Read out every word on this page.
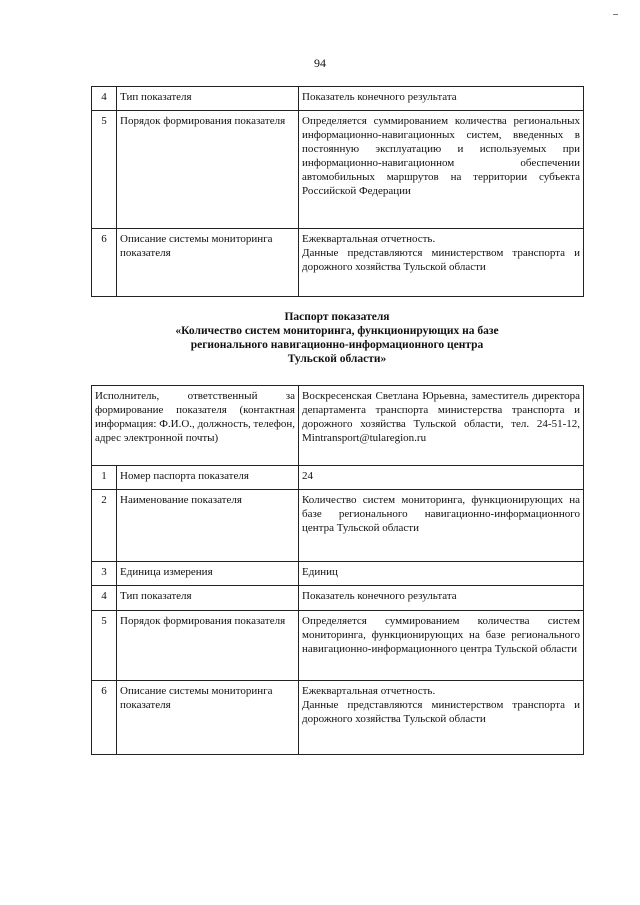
94
4	Тип показателя	Показатель конечного результата
5	Порядок формирования показателя	Определяется суммированием количества региональных информационно-навигационных систем, введенных в постоянную эксплуатацию и используемых при информационно-навигационном обеспечении автомобильных маршрутов на территории субъекта Российской Федерации
6	Описание системы мониторинга показателя	Ежеквартальная отчетность.
Данные представляются министерством транспорта и дорожного хозяйства Тульской области
Паспорт показателя
«Количество систем мониторинга, функционирующих на базе
регионального навигационно-информационного центра
Тульской области»
Исполнитель, ответственный за формирование показателя (контактная информация: Ф.И.О., должность, телефон, адрес электронной почты)		Воскресенская Светлана Юрьевна, заместитель директора департамента транспорта министерства транспорта и дорожного хозяйства Тульской области, тел. 24-51-12, Mintransport@tularegion.ru
1	Номер паспорта показателя	24
2	Наименование показателя	Количество систем мониторинга, функционирующих на базе регионального навигационно-информационного центра Тульской области
3	Единица измерения	Единиц
4	Тип показателя	Показатель конечного результата
5	Порядок формирования показателя	Определяется суммированием количества систем мониторинга, функционирующих на базе регионального навигационно-информационного центра Тульской области
6	Описание системы мониторинга показателя	Ежеквартальная отчетность.
Данные представляются министерством транспорта и дорожного хозяйства Тульской области
